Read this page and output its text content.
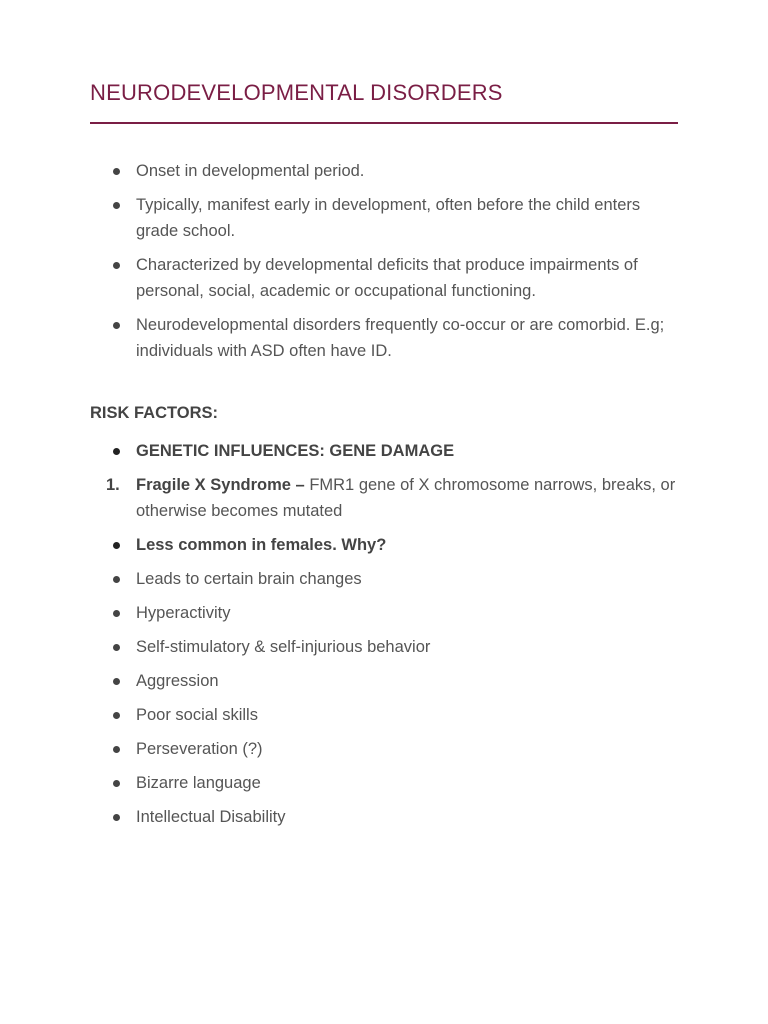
NEURODEVELOPMENTAL DISORDERS
Onset in developmental period.
Typically, manifest early in development, often before the child enters grade school.
Characterized by developmental deficits that produce impairments of personal, social, academic or occupational functioning.
Neurodevelopmental disorders frequently co-occur or are comorbid. E.g; individuals with ASD often have ID.
RISK FACTORS:
GENETIC INFLUENCES: GENE DAMAGE
1. Fragile X Syndrome – FMR1 gene of X chromosome narrows, breaks, or otherwise becomes mutated
Less common in females. Why?
Leads to certain brain changes
Hyperactivity
Self-stimulatory & self-injurious behavior
Aggression
Poor social skills
Perseveration (?)
Bizarre language
Intellectual Disability
